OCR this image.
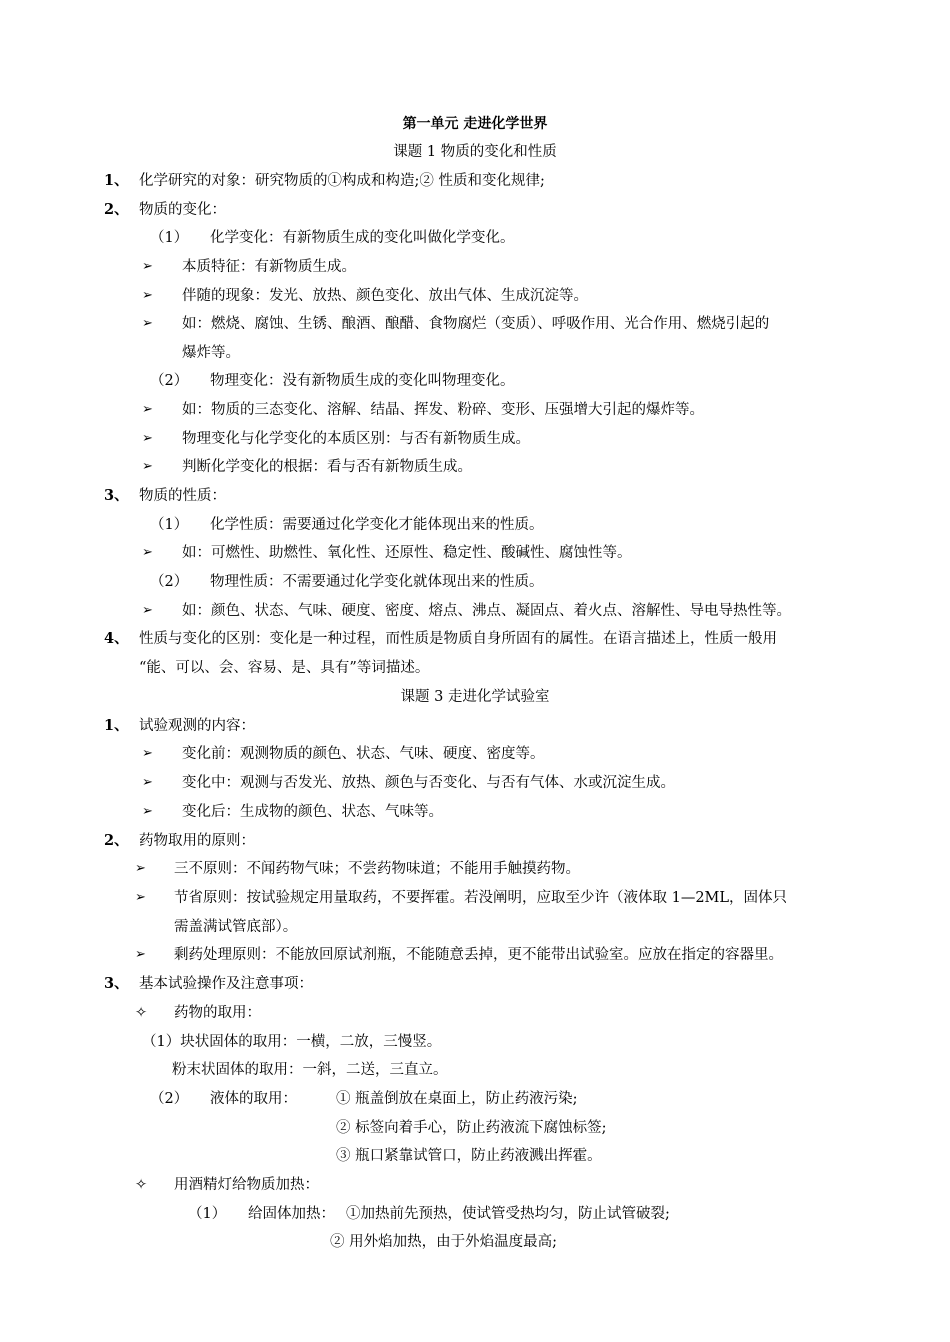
第一单元 走进化学世界
课题 1 物质的变化和性质
1、 化学研究的对象：研究物质的①构成和构造;② 性质和变化规律;
2、 物质的变化：
（1） 化学变化：有新物质生成的变化叫做化学变化。
➢ 本质特征：有新物质生成。
➢ 伴随的现象：发光、放热、颜色变化、放出气体、生成沉淀等。
➢ 如：燃烧、腐蚀、生锈、酿酒、酿醋、食物腐烂（变质）、呼吸作用、光合作用、燃烧引起的
爆炸等。
（2） 物理变化：没有新物质生成的变化叫物理变化。
➢ 如：物质的三态变化、溶解、结晶、挥发、粉碎、变形、压强增大引起的爆炸等。
➢ 物理变化与化学变化的本质区别：与否有新物质生成。
➢ 判断化学变化的根据：看与否有新物质生成。
3、 物质的性质：
（1） 化学性质：需要通过化学变化才能体现出来的性质。
➢ 如：可燃性、助燃性、氧化性、还原性、稳定性、酸碱性、腐蚀性等。
（2） 物理性质：不需要通过化学变化就体现出来的性质。
➢ 如：颜色、状态、气味、硬度、密度、熔点、沸点、凝固点、着火点、溶解性、导电导热性等。
4、 性质与变化的区别：变化是一种过程，而性质是物质自身所固有的属性。在语言描述上，性质一般用
“能、可以、会、容易、是、具有”等词描述。
课题 3 走进化学试验室
1、 试验观测的内容：
➢ 变化前：观测物质的颜色、状态、气味、硬度、密度等。
➢ 变化中：观测与否发光、放热、颜色与否变化、与否有气体、水或沉淀生成。
➢ 变化后：生成物的颜色、状态、气味等。
2、 药物取用的原则：
➢ 三不原则：不闻药物气味；不尝药物味道；不能用手触摸药物。
➢ 节省原则：按试验规定用量取药，不要挥霍。若没阐明，应取至少许（液体取 1—2ML，固体只
需盖满试管底部）。
➢ 剩药处理原则：不能放回原试剂瓶，不能随意丢掉，更不能带出试验室。应放在指定的容器里。
3、 基本试验操作及注意事项：
✧ 药物的取用：
（1）块状固体的取用：一横，二放，三慢竖。
粉末状固体的取用：一斜，二送，三直立。
（2） 液体的取用：	① 瓶盖倒放在桌面上，防止药液污染;
② 标签向着手心，防止药液流下腐蚀标签;
③ 瓶口紧靠试管口，防止药液溅出挥霍。
✧ 用酒精灯给物质加热：
（1） 给固体加热： ①加热前先预热，使试管受热均匀，防止试管破裂;
② 用外焰加热，由于外焰温度最高;
